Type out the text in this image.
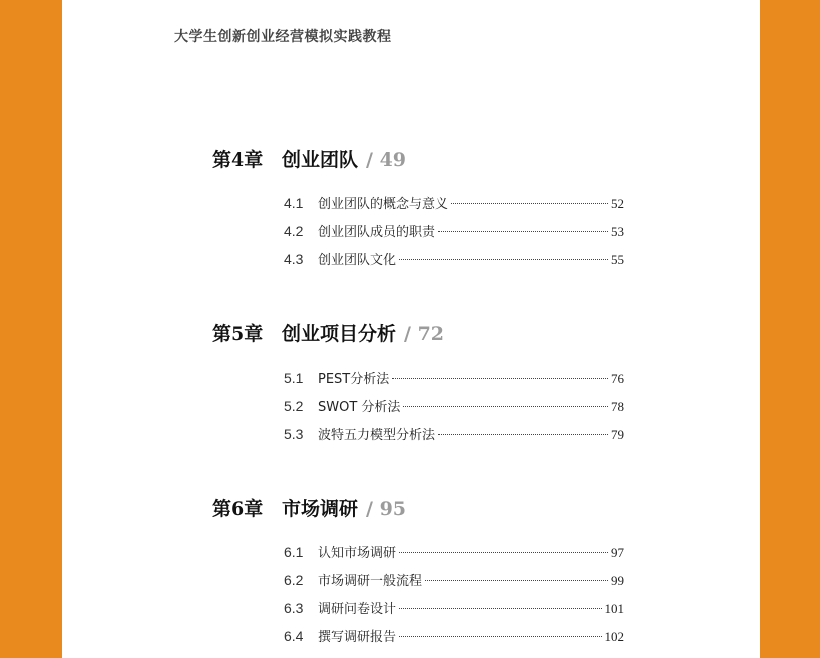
大学生创新创业经营模拟实践教程
第4章 创业团队 / 49
4.1	创业团队的概念与意义	52
4.2	创业团队成员的职责	53
4.3	创业团队文化	55
第5章 创业项目分析 / 72
5.1	PEST分析法	76
5.2	SWOT 分析法	78
5.3	波特五力模型分析法	79
第6章 市场调研 / 95
6.1	认知市场调研	97
6.2	市场调研一般流程	99
6.3	调研问卷设计	101
6.4	撰写调研报告	102
